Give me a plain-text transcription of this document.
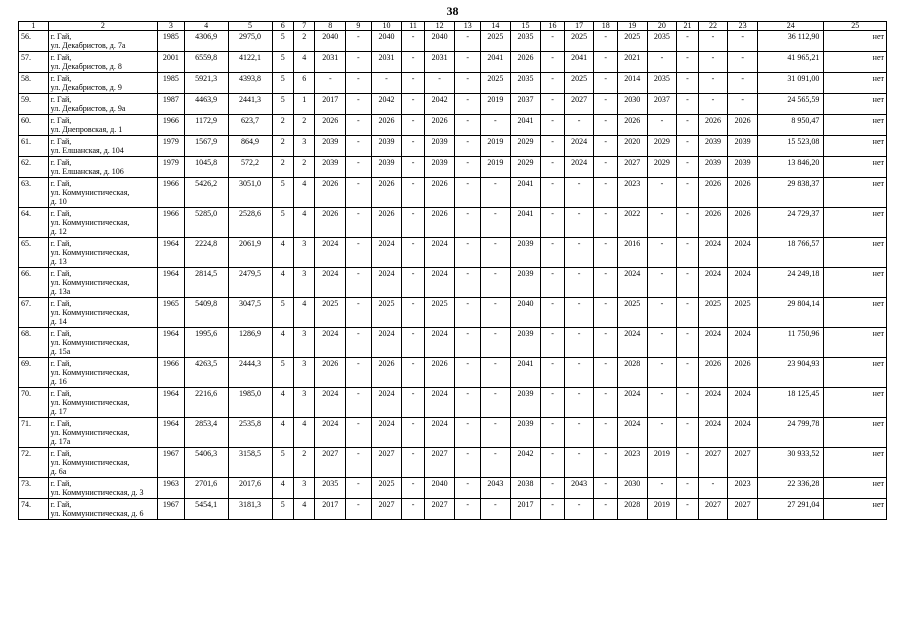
38
1	2	3	4	5	6	7	8	9	10	11	12	13	14	15	16	17	18	19	20	21	22	23	24	25
56.	г. Гай,
ул. Декабристов, д. 7а	1985	4306,9	2975,0	5	2	2040	-	2040	-	2040	-	2025	2035	-	2025	-	2025	2035	-	-	-	36 112,90	нет
57.	г. Гай,
ул. Декабристов, д. 8	2001	6559,8	4122,1	5	4	2031	-	2031	-	2031	-	2041	2026	-	2041	-	2021	-	-	-	-	41 965,21	нет
58.	г. Гай,
ул. Декабристов, д. 9	1985	5921,3	4393,8	5	6	-	-	-	-	-	-	2025	2035	-	2025	-	2014	2035	-	-	-	31 091,00	нет
59.	г. Гай,
ул. Декабристов, д. 9а	1987	4463,9	2441,3	5	1	2017	-	2042	-	2042	-	2019	2037	-	2027	-	2030	2037	-	-	-	24 565,59	нет
60.	г. Гай,
ул. Днепровская, д. 1	1966	1172,9	623,7	2	2	2026	-	2026	-	2026	-	-	2041	-	-	-	2026	-	-	2026	2026	8 950,47	нет
61.	г. Гай,
ул. Елшанская, д. 104	1979	1567,9	864,9	2	3	2039	-	2039	-	2039	-	2019	2029	-	2024	-	2020	2029	-	2039	2039	15 523,08	нет
62.	г. Гай,
ул. Елшанская, д. 106	1979	1045,8	572,2	2	2	2039	-	2039	-	2039	-	2019	2029	-	2024	-	2027	2029	-	2039	2039	13 846,20	нет
63.	г. Гай,
ул. Коммунистическая,
д. 10	1966	5426,2	3051,0	5	4	2026	-	2026	-	2026	-	-	2041	-	-	-	2023	-	-	2026	2026	29 838,37	нет
64.	г. Гай,
ул. Коммунистическая,
д. 12	1966	5285,0	2528,6	5	4	2026	-	2026	-	2026	-	-	2041	-	-	-	2022	-	-	2026	2026	24 729,37	нет
65.	г. Гай,
ул. Коммунистическая,
д. 13	1964	2224,8	2061,9	4	3	2024	-	2024	-	2024	-	-	2039	-	-	-	2016	-	-	2024	2024	18 766,57	нет
66.	г. Гай,
ул. Коммунистическая,
д. 13а	1964	2814,5	2479,5	4	3	2024	-	2024	-	2024	-	-	2039	-	-	-	2024	-	-	2024	2024	24 249,18	нет
67.	г. Гай,
ул. Коммунистическая,
д. 14	1965	5409,8	3047,5	5	4	2025	-	2025	-	2025	-	-	2040	-	-	-	2025	-	-	2025	2025	29 804,14	нет
68.	г. Гай,
ул. Коммунистическая,
д. 15а	1964	1995,6	1286,9	4	3	2024	-	2024	-	2024	-	-	2039	-	-	-	2024	-	-	2024	2024	11 750,96	нет
69.	г. Гай,
ул. Коммунистическая,
д. 16	1966	4263,5	2444,3	5	3	2026	-	2026	-	2026	-	-	2041	-	-	-	2028	-	-	2026	2026	23 904,93	нет
70.	г. Гай,
ул. Коммунистическая,
д. 17	1964	2216,6	1985,0	4	3	2024	-	2024	-	2024	-	-	2039	-	-	-	2024	-	-	2024	2024	18 125,45	нет
71.	г. Гай,
ул. Коммунистическая,
д. 17а	1964	2853,4	2535,8	4	4	2024	-	2024	-	2024	-	-	2039	-	-	-	2024	-	-	2024	2024	24 799,78	нет
72.	г. Гай,
ул. Коммунистическая,
д. 6а	1967	5406,3	3158,5	5	2	2027	-	2027	-	2027	-	-	2042	-	-	-	2023	2019	-	2027	2027	30 933,52	нет
73.	г. Гай,
ул. Коммунистическая, д. 3	1963	2701,6	2017,6	4	3	2035	-	2025	-	2040	-	2043	2038	-	2043	-	2030	-	-	-	2023	22 336,28	нет
74.	г. Гай,
ул. Коммунистическая, д. 6	1967	5454,1	3181,3	5	4	2017	-	2027	-	2027	-	-	2017	-	-	-	2028	2019	-	2027	2027	27 291,04	нет
